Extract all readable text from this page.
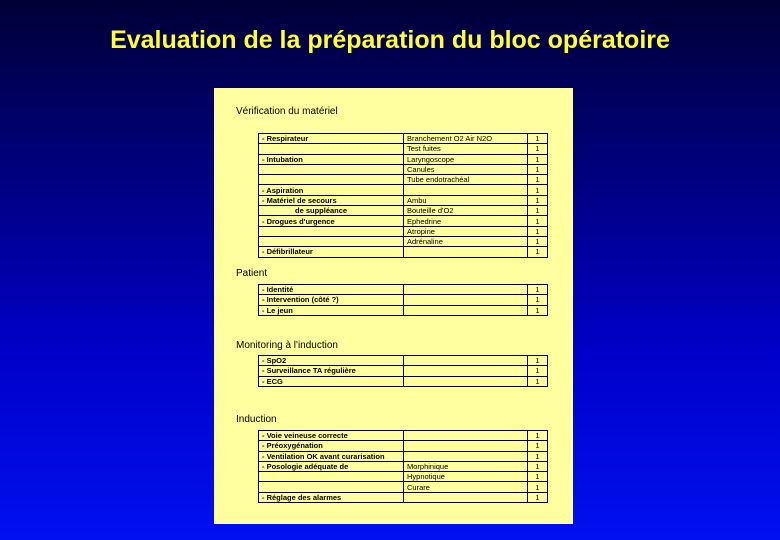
Evaluation de la préparation du bloc opératoire
Vérification du matériel
- Respirateur	Branchement O2 Air N2O	1
	Test fuites	1
- Intubation	Laryngoscope	1
	Canules	1
	Tube endotrachéal	1
- Aspiration		1
- Matériel de secours	Ambu	1
de suppléance	Bouteille d'O2	1
- Drogues d'urgence	Ephedrine	1
	Atropine	1
	Adrénaline	1
- Défibrillateur		1
Patient
- Identité		1
- Intervention (côté ?)		1
- Le jeun		1
Monitoring à l'induction
- SpO2		1
- Surveillance TA régulière		1
- ECG		1
Induction
- Voie veineuse correcte		1
- Préoxygénation		1
- Ventilation OK avant curarisation		1
- Posologie adéquate de	Morphinique	1
	Hypnotique	1
	Curare	1
- Réglage des alarmes		1
